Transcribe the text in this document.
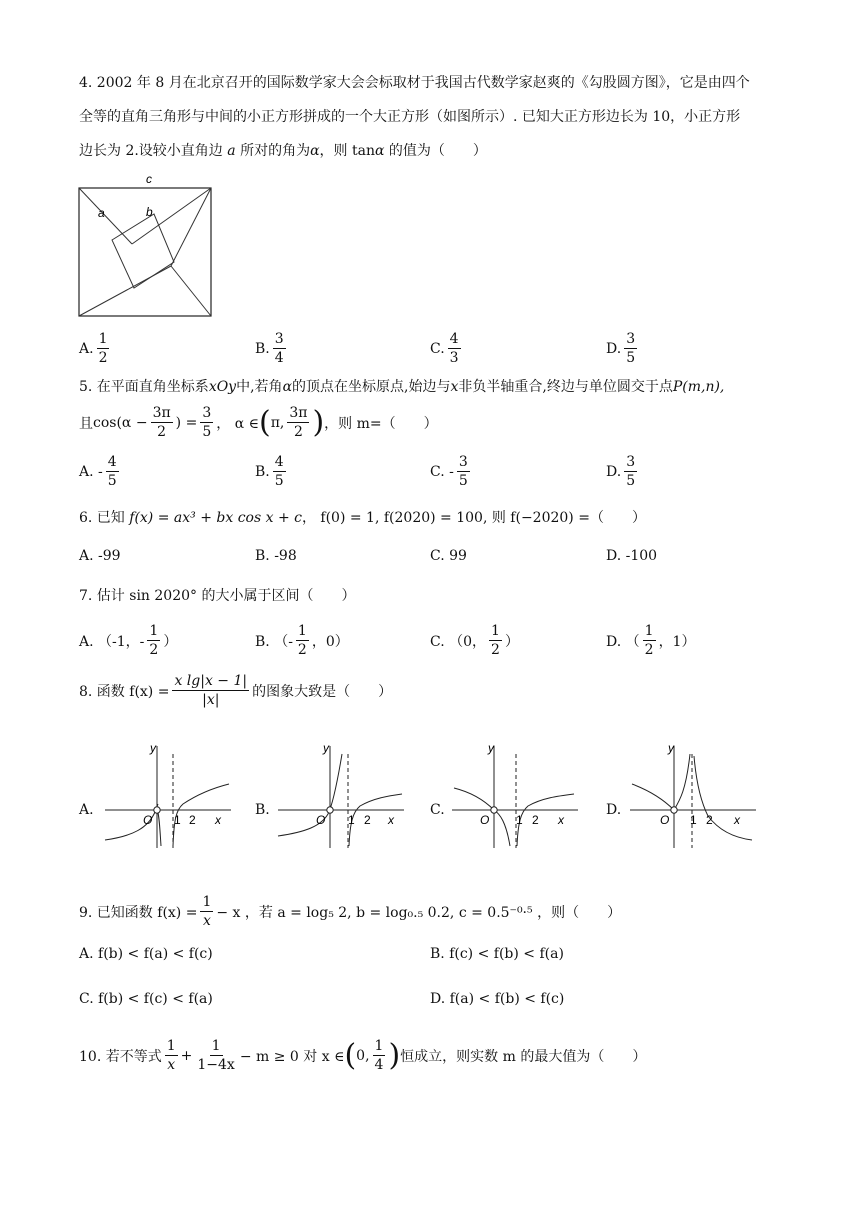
4. 2002 年 8 月在北京召开的国际数学家大会会标取材于我国古代数学家赵爽的《勾股圆方图》，它是由四个
全等的直角三角形与中间的小正方形拼成的一个大正方形（如图所示）. 已知大正方形边长为 10，小正方形
边长为 2.设较小直角边 a 所对的角为α，则 tanα 的值为（　　）
c
a	b
A. $\frac{1}{2}$	B. $\frac{3}{4}$	C. $\frac{4}{3}$	D. $\frac{3}{5}$
5. 在平面直角坐标系xOy中,若角α的顶点在坐标原点,始边与x非负半轴重合,终边与单位圆交于点P(m,n),
且 $\cos(\alpha - \frac{3\pi}{2}$ ) = $\frac{3}{5}$ ， α ∈ ( π, $\frac{3\pi}{2}$ ) ，则 m=（　　）
A. - $\frac{4}{5}$	B. $\frac{4}{5}$	C. - $\frac{3}{5}$	D. $\frac{3}{5}$
6. 已知 f(x) = ax³ + bx cos x + c， f(0) = 1, f(2020) = 100, 则 f(−2020) =（　　）
A. -99	B. -98	C. 99	D. -100
7. 估计 sin 2020° 的大小属于区间（　　）
A. （-1，- $\frac{1}{2}$ ）	B. （- $\frac{1}{2}$ ，0）	C. （0， $\frac{1}{2}$ ）	D. （ $\frac{1}{2}$ ，1）
8. 函数 $f(x) = \frac{\text{x lg|x − 1|}}{|x|}$ 的图象大致是（　　）
A.	B.	C.	D.
y
O 1 2 x
y
O 1 2 x
y
O 1 2 x
y
O 1 2 x
9. 已知函数 $f(x) = \frac{1}{x} - x$ ，若 a = log₅ 2, b = log₀.₅ 0.2, c = 0.5⁻⁰·⁵ ，则（　　）
A. f(b) < f(a) < f(c)	B. f(c) < f(b) < f(a)
C. f(b) < f(c) < f(a)	D. f(a) < f(b) < f(c)
10. 若不等式 $\frac{1}{x} + \frac{1}{1-4x} - m \ge 0$ 对 x ∈ ( 0, $\frac{1}{4}$ ) 恒成立，则实数 m 的最大值为（　　）
